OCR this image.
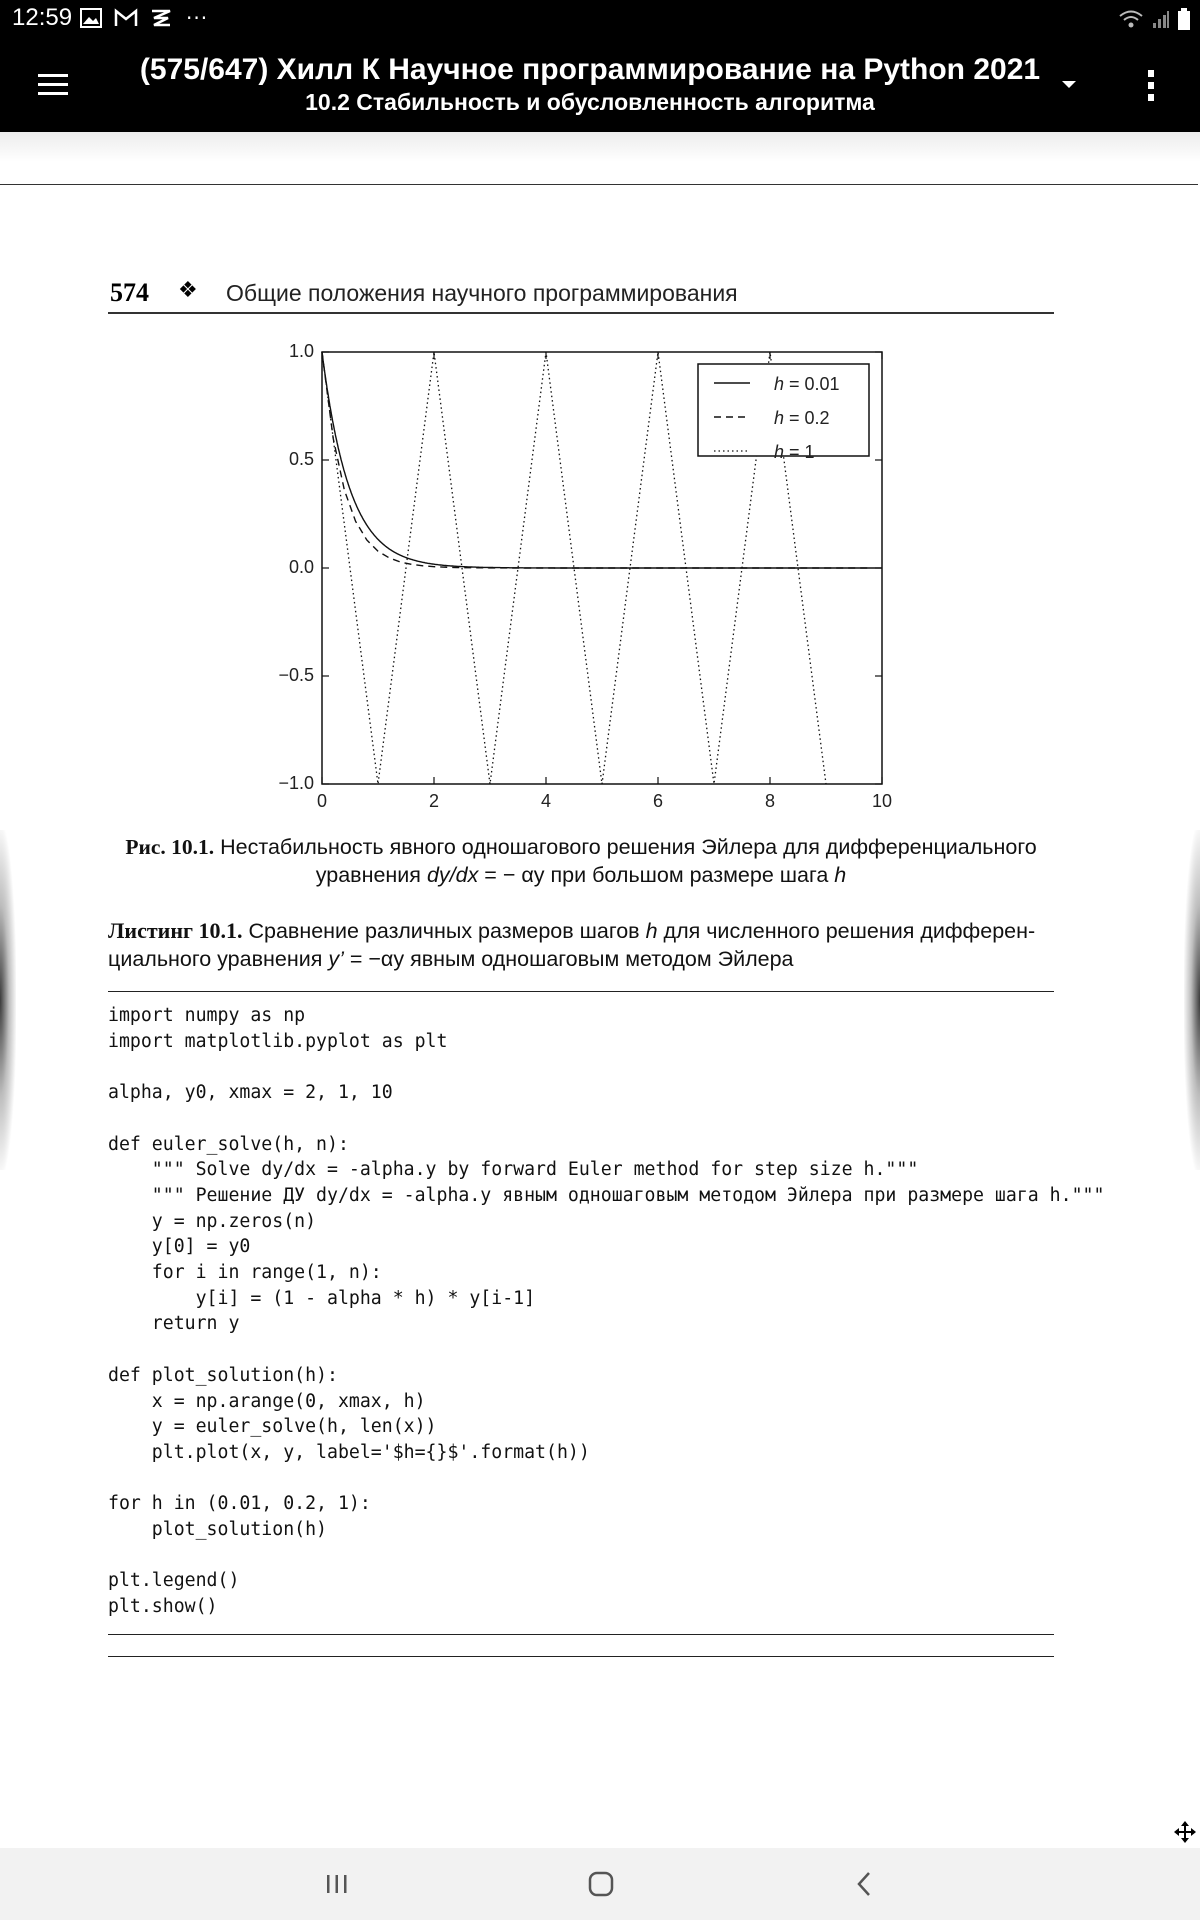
12:59	···
(575/647) Хилл К Научное программирование на Python 2021
10.2 Стабильность и обусловленность алгоритма
574 ❖ Общие положения научного программирования
1.0
0.5
0.0
−0.5
−1.0
0	2	4	6	8	10
h = 0.01
h = 0.2
h = 1
Рис. 10.1. Нестабильность явного одношагового решения Эйлера для дифференциального уравнения dy/dx = − αy при большом размере шага h
Листинг 10.1. Сравнение различных размеров шагов h для численного решения дифферен-циального уравнения y’ = −αy явным одношаговым методом Эйлера
import numpy as np
import matplotlib.pyplot as plt

alpha, y0, xmax = 2, 1, 10

def euler_solve(h, n):
""" Solve dy/dx = -alpha.y by forward Euler method for step size h."""
""" Решение ДУ dy/dx = -alpha.y явным одношаговым методом Эйлера при размере шага h."""
y = np.zeros(n)
y[0] = y0
for i in range(1, n):
y[i] = (1 - alpha * h) * y[i-1]
return y

def plot_solution(h):
x = np.arange(0, xmax, h)
y = euler_solve(h, len(x))
plt.plot(x, y, label='$h={}$'.format(h))

for h in (0.01, 0.2, 1):
plot_solution(h)

plt.legend()
plt.show()
